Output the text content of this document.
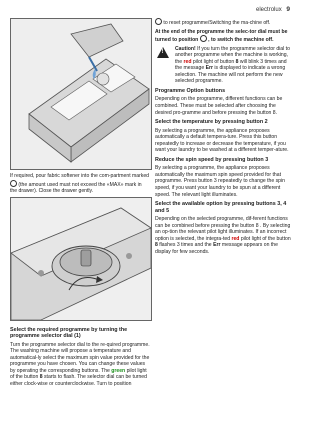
electrolux 9

If required, pour fabric softener into the com-partment marked  (the amount used must not exceed the «MAX» mark in the drawer). Close the drawer gently.

Select the required programme by turning the programme selector dial (1)

Turn the programme selector dial to the re-quired programme. The washing machine will propose a temperature and automatical-ly select the maximum spin value provided for the programme you have chosen. You can change these values by operating the corresponding buttons. The green pilot light of the button 8 starts to flash. The selector dial can be turned either clock-wise or counterclockwise. Turn to position

to reset programme/Switching the ma-chine off.

At the end of the programme the selec-tor dial must be turned to position , to switch the machine off.

!

Caution! If you turn the programme selector dial to another programme when the machine is working, the red pilot light of button 8 will blink 3 times and the message Err is displayed to indicate a wrong selection. The machine will not perform the new selected programme.

Programme Option buttons

Depending on the programme, different functions can be combined. These must be selected after choosing the desired pro-gramme and before pressing the button 8.

Select the temperature by pressing button 2

By selecting a programme, the appliance proposes automatically a default tempera-ture. Press this button repeatedly to increase or decrease the temperature, if you want your laundry to be washed at a different temper-ature.

Reduce the spin speed by pressing button 3

By selecting a programme, the appliance proposes automatically the maximum spin speed provided for that programme. Press button 3 repeatedly to change the spin speed, if you want your laundry to be spun at a different speed. The relevant light illuminates.

Select the available option by pressing buttons 3, 4 and 5

Depending on the selected programme, dif-ferent functions can be combined before pressing the button 8 . By selecting an op-tion the relevant pilot light illuminates. If an incorrect option is selected, the integra-ted red pilot light of the button 8 flashes 3 times and the Err message appears on the display for few seconds.
